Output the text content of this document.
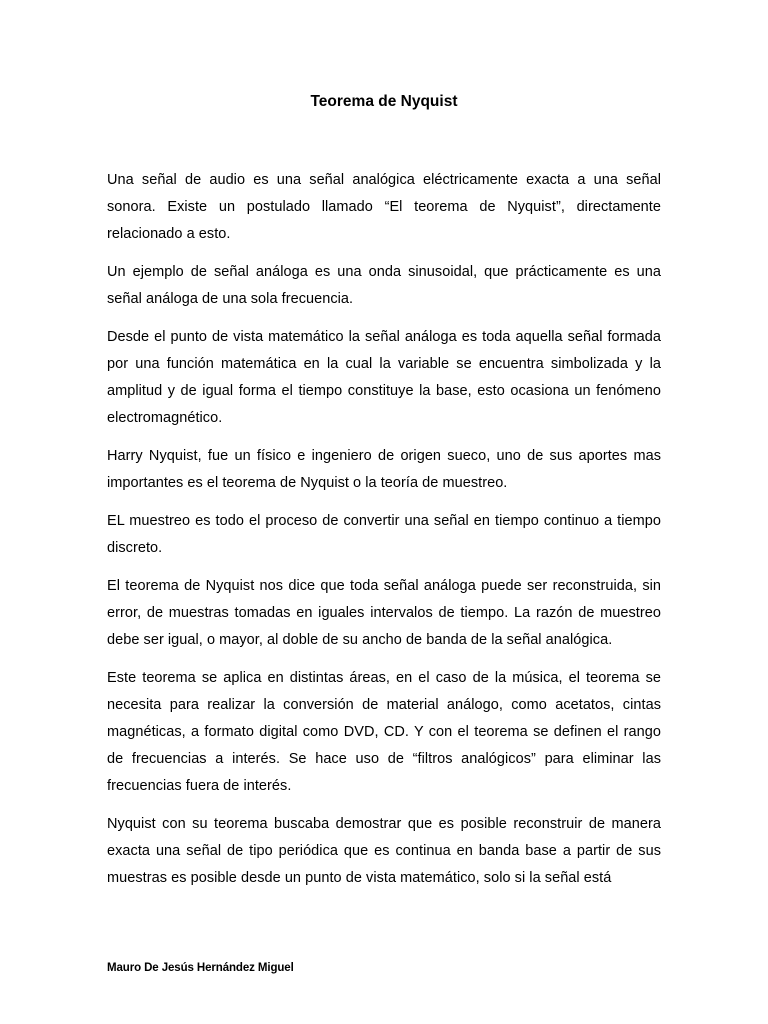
Teorema de Nyquist

Una señal de audio es una señal analógica eléctricamente exacta a una señal sonora. Existe un postulado llamado “El teorema de Nyquist”, directamente relacionado a esto.

Un ejemplo de señal análoga es una onda sinusoidal, que prácticamente es una señal análoga de una sola frecuencia.

Desde el punto de vista matemático la señal análoga es toda aquella señal formada por una función matemática en la cual la variable se encuentra simbolizada y la amplitud y de igual forma el tiempo constituye la base, esto ocasiona un fenómeno electromagnético.

Harry Nyquist, fue un físico e ingeniero de origen sueco, uno de sus aportes mas importantes es el teorema de Nyquist o la teoría de muestreo.

EL muestreo es todo el proceso de convertir una señal en tiempo continuo a tiempo discreto.

El teorema de Nyquist nos dice que toda señal análoga puede ser reconstruida, sin error, de muestras tomadas en iguales intervalos de tiempo. La razón de muestreo debe ser igual, o mayor, al doble de su ancho de banda de la señal analógica.

Este teorema se aplica en distintas áreas, en el caso de la música, el teorema se necesita para realizar la conversión de material análogo, como acetatos, cintas magnéticas, a formato digital como DVD, CD. Y con el teorema se definen el rango de frecuencias a interés. Se hace uso de “filtros analógicos” para eliminar las frecuencias fuera de interés.

Nyquist con su teorema buscaba demostrar que es posible reconstruir de manera exacta una señal de tipo periódica que es continua en banda base a partir de sus muestras es posible desde un punto de vista matemático, solo si la señal está

Mauro De Jesús Hernández Miguel
